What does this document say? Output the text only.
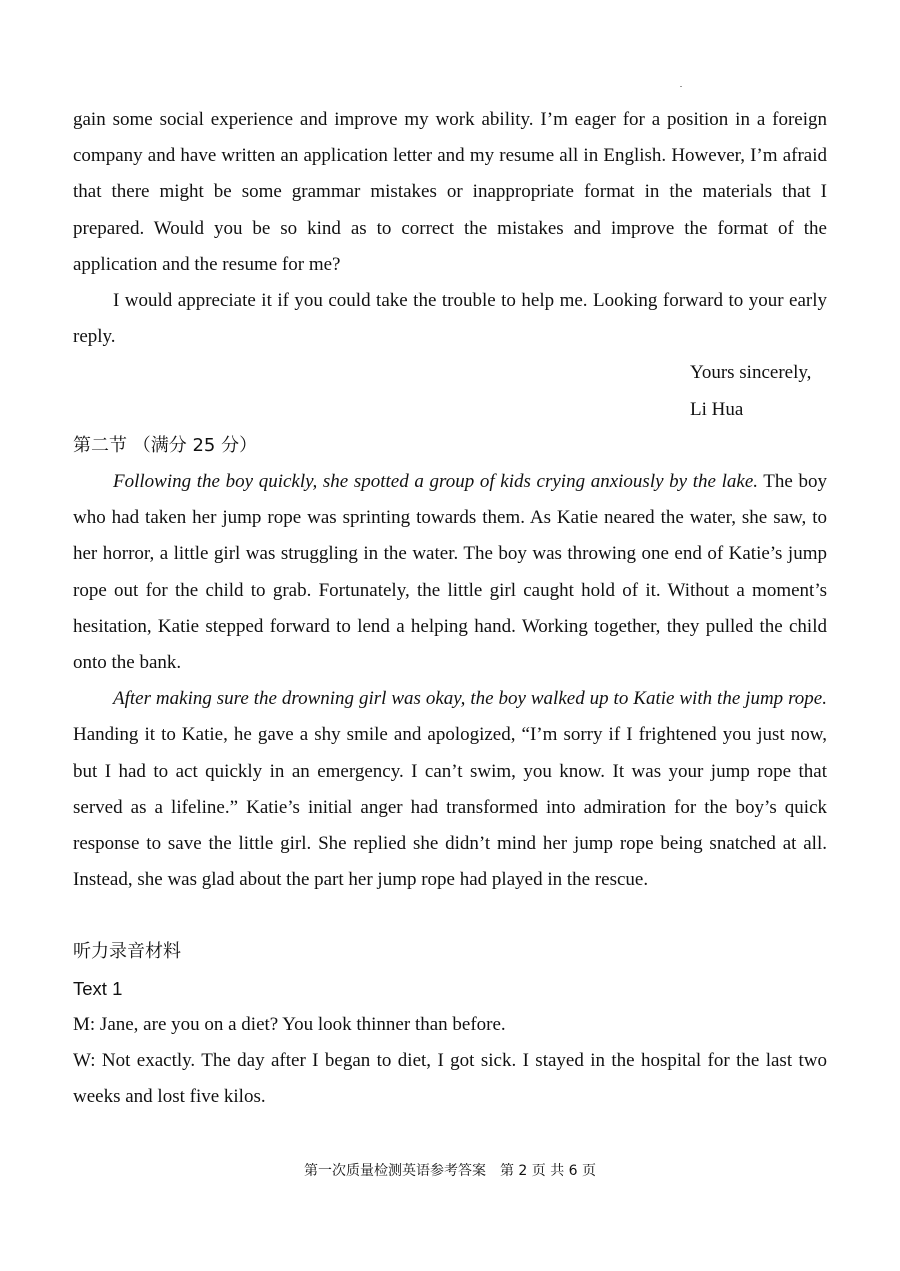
gain some social experience and improve my work ability. I’m eager for a position in a foreign company and have written an application letter and my resume all in English. However, I’m afraid that there might be some grammar mistakes or inappropriate format in the materials that I prepared. Would you be so kind as to correct the mistakes and improve the format of the application and the resume for me?

I would appreciate it if you could take the trouble to help me. Looking forward to your early reply.

Yours sincerely,

Li Hua

第二节 （满分 25 分）

Following the boy quickly, she spotted a group of kids crying anxiously by the lake. The boy who had taken her jump rope was sprinting towards them. As Katie neared the water, she saw, to her horror, a little girl was struggling in the water. The boy was throwing one end of Katie’s jump rope out for the child to grab. Fortunately, the little girl caught hold of it. Without a moment’s hesitation, Katie stepped forward to lend a helping hand. Working together, they pulled the child onto the bank.

After making sure the drowning girl was okay, the boy walked up to Katie with the jump rope. Handing it to Katie, he gave a shy smile and apologized, “I’m sorry if I frightened you just now, but I had to act quickly in an emergency. I can’t swim, you know. It was your jump rope that served as a lifeline.” Katie’s initial anger had transformed into admiration for the boy’s quick response to save the little girl. She replied she didn’t mind her jump rope being snatched at all. Instead, she was glad about the part her jump rope had played in the rescue.

听力录音材料

Text 1

M: Jane, are you on a diet? You look thinner than before.

W: Not exactly. The day after I began to diet, I got sick. I stayed in the hospital for the last two weeks and lost five kilos.

第一次质量检测英语参考答案　第 2 页 共 6 页
